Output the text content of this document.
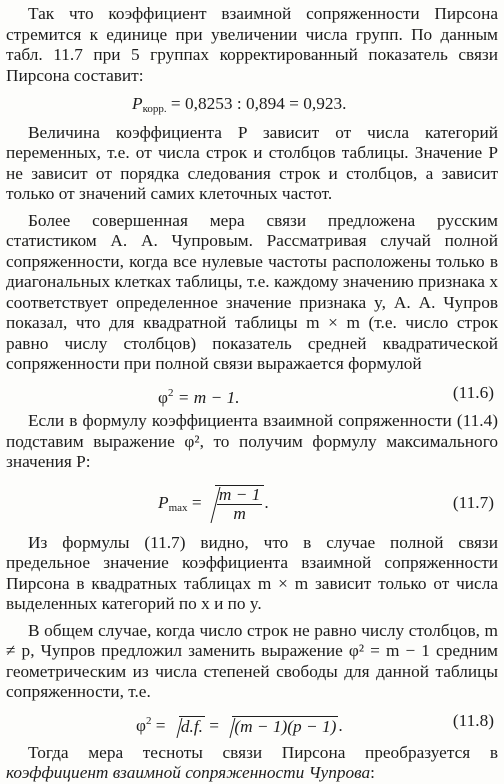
Так что коэффициент взаимной сопряженности Пирсона стремится к единице при увеличении числа групп. По данным табл. 11.7 при 5 группах корректированный показатель связи Пирсона составит:

$P_{корр.} = 0,8253$ : 0,894 = 0,923.

Величина коэффициента P зависит от числа категорий переменных, т.е. от числа строк и столбцов таблицы. Значение P не зависит от порядка следования строк и столбцов, а зависит только от значений самих клеточных частот.

Более совершенная мера связи предложена русским статистиком А. А. Чупровым. Рассматривая случай полной сопряженности, когда все нулевые частоты расположены только в диагональных клетках таблицы, т.е. каждому значению признака x соответствует определенное значение признака y, А. А. Чупров показал, что для квадратной таблицы m × m (т.е. число строк равно числу столбцов) показатель средней квадратической сопряженности при полной связи выражается формулой

$\varphi^2 = m - 1$.	(11.6)

Если в формулу коэффициента взаимной сопряженности (11.4) подставим выражение φ², то получим формулу максимального значения P:

$P_{max} = \frac{m - 1}{m}$ .	(11.7)

Из формулы (11.7) видно, что в случае полной связи предельное значение коэффициента взаимной сопряженности Пирсона в квадратных таблицах m × m зависит только от числа выделенных категорий по x и по y.

В общем случае, когда число строк не равно числу столбцов, m ≠ p, Чупров предложил заменить выражение φ² = m − 1 средним геометрическим из числа степеней свободы для данной таблицы сопряженности, т.е.

$\varphi^2 = d.f$. = (m − 1)(p − 1) .	(11.8)

Тогда мера тесноты связи Пирсона преобразуется в коэффициент взаимной сопряженности Чупрова:
